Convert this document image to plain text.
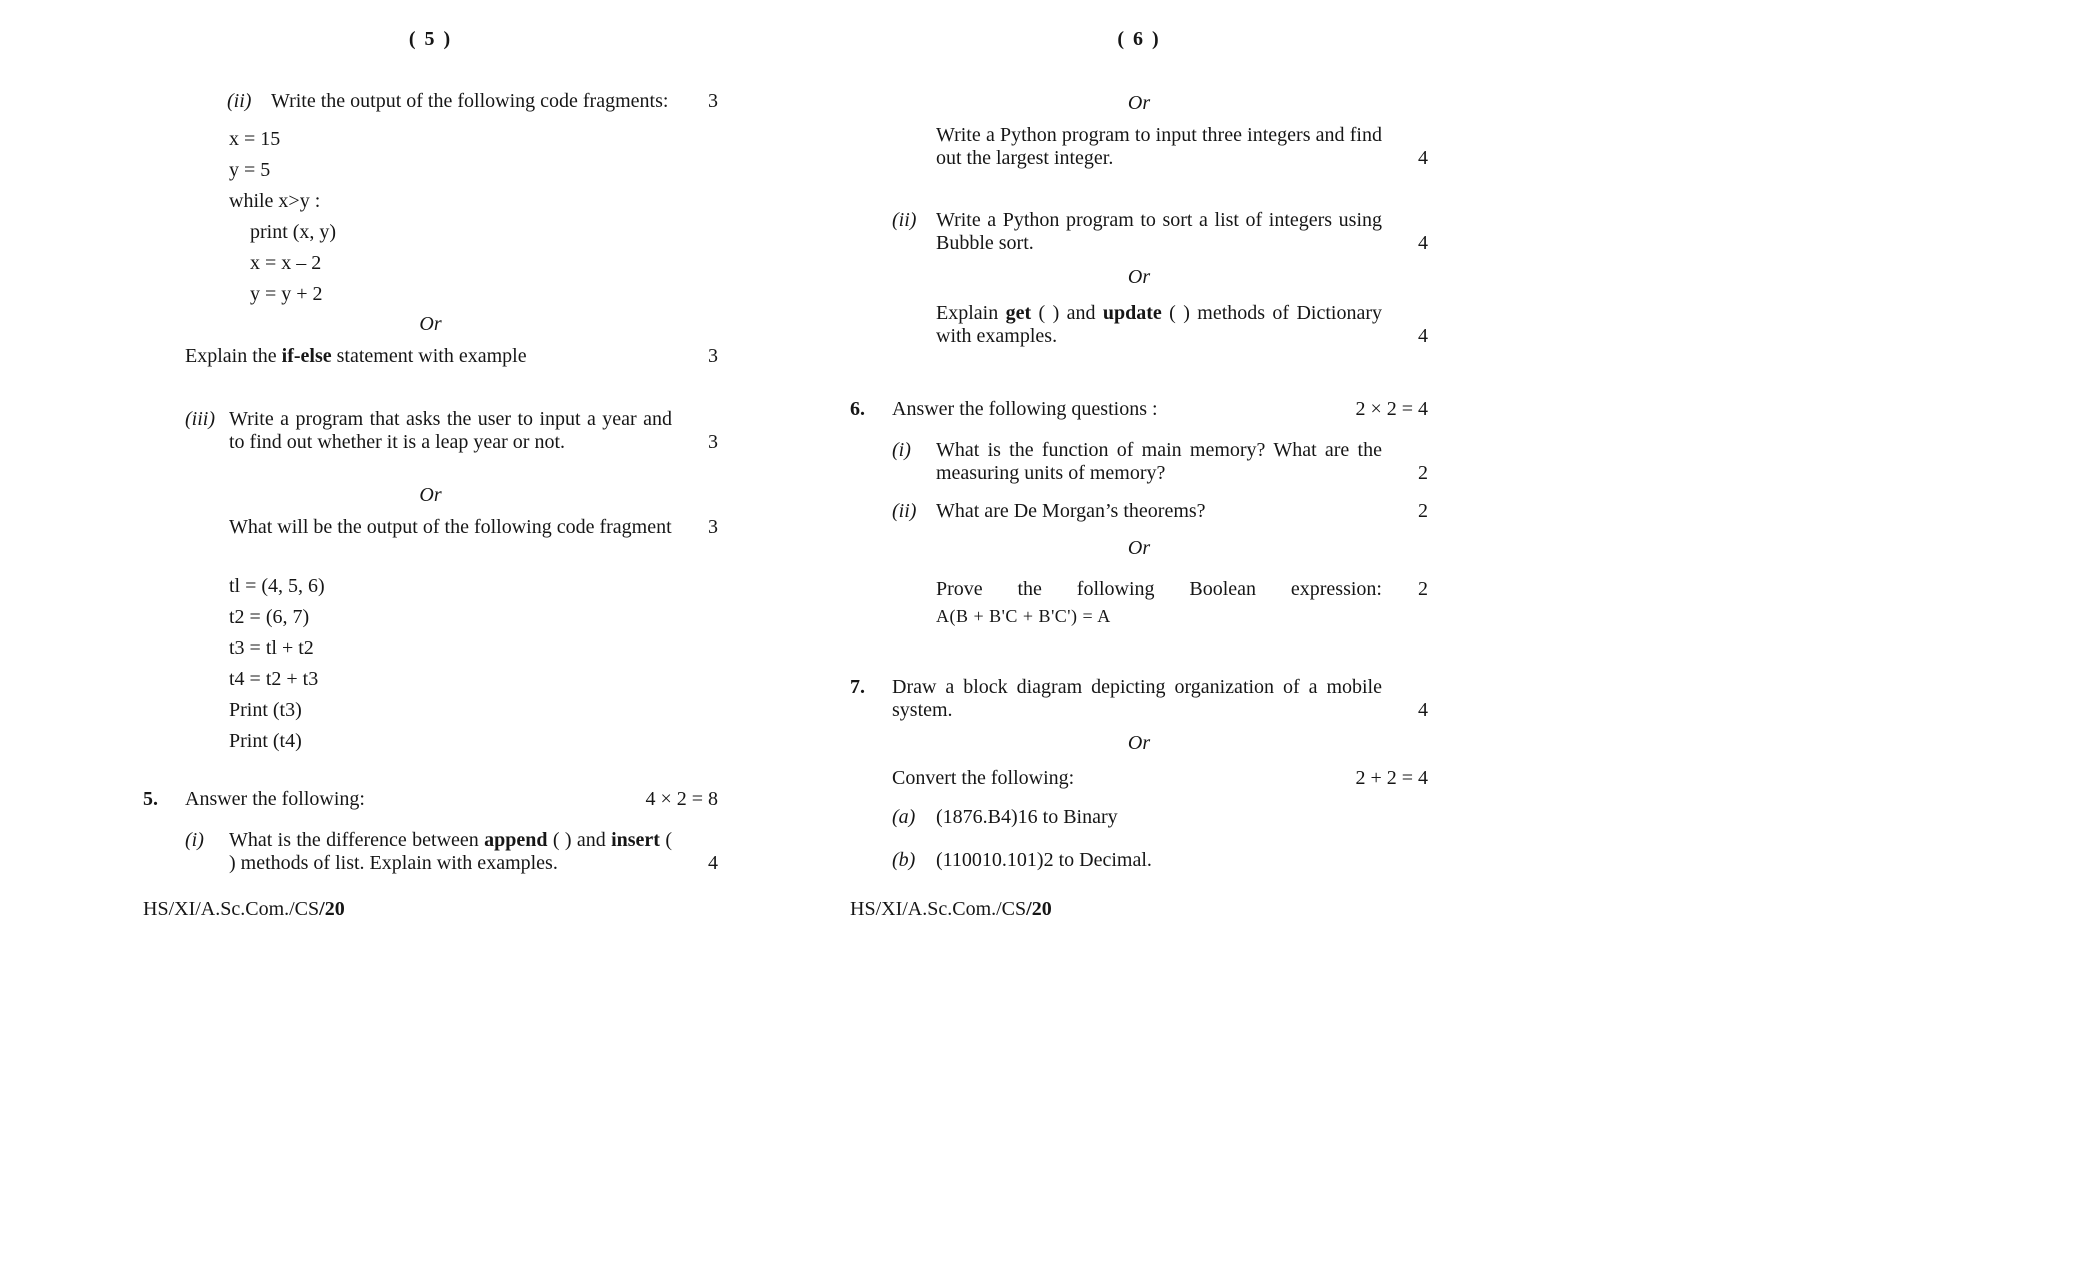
( 5 )
(ii) Write the output of the following code fragments:	3
x = 15
y = 5
while x>y :
print (x, y)
x = x – 2
y = y + 2
Or
Explain the if-else statement with example	3
(iii) Write a program that asks the user to input a year and to find out whether it is a leap year or not.	3
Or
What will be the output of the following code fragment	3
tl = (4, 5, 6)
t2 = (6, 7)
t3 = tl + t2
t4 = t2 + t3
Print (t3)
Print (t4)
5.	Answer the following:	4 × 2 = 8
(i)	What is the difference between append ( ) and insert ( ) methods of list. Explain with examples.	4
HS/XI/A.Sc.Com./CS/20
( 6 )
Or
Write a Python program to input three integers and find out the largest integer.	4
(ii) Write a Python program to sort a list of integers using Bubble sort.	4
Or
Explain get ( ) and update ( ) methods of Dictionary with examples.	4
6.	Answer the following questions :	2 × 2 = 4
(i)	What is the function of main memory? What are the measuring units of memory?	2
(ii) What are De Morgan’s theorems?	2
Or
Prove the following Boolean expression:	2
A(B + B'C + B'C') = A
7.	Draw a block diagram depicting organization of a mobile system.	4
Or
Convert the following:	2 + 2 = 4
(a)	(1876.B4)16 to Binary
(b)	(110010.101)2 to Decimal.
HS/XI/A.Sc.Com./CS/20
